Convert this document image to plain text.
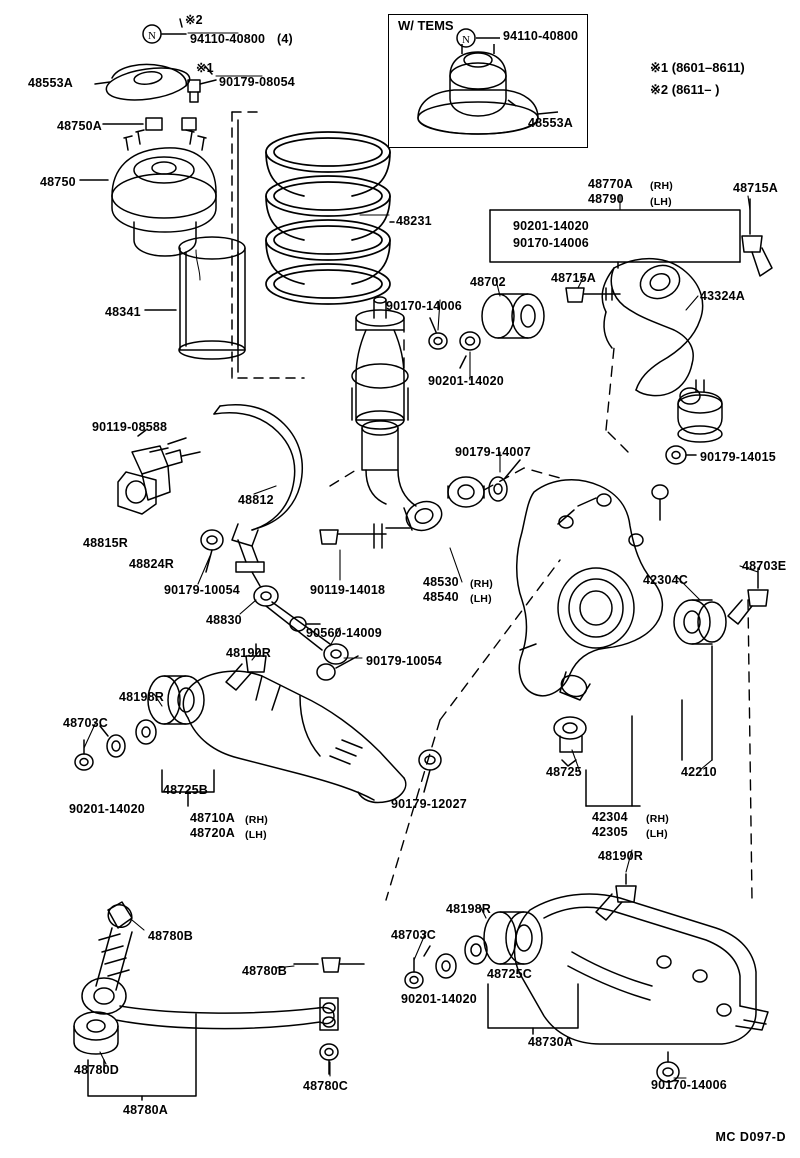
N
W/ TEMS
N	94110-40800
48553A
※1 (8601–8611)
※2 (8611– )
※2
94110-40800 (4)
48553A
※1
90179-08054
48750A
48750
48341
48231
90170-14006
48702	48715A
90201-14020
48770A (RH)
48790 (LH)
48715A
90201-14020
90170-14006
43324A
90179-14015
90119-08588
48815R
48824R
48812
90179-10054	90119-14018
48830
90560-14009
90179-10054
90179-14007
48530 (RH)
48540 (LH)
42304C
48703E
48190R
48198R
48703C
48725B
90201-14020
48710A (RH)
48720A (LH)
90179-12027
48725	42210
42304 (RH)
42305 (LH)
48190R
48198R
48703C
48780B
48780B
90201-14020
48725C
48730A
48780D
48780C
48780A
90170-14006
MC D097-D
